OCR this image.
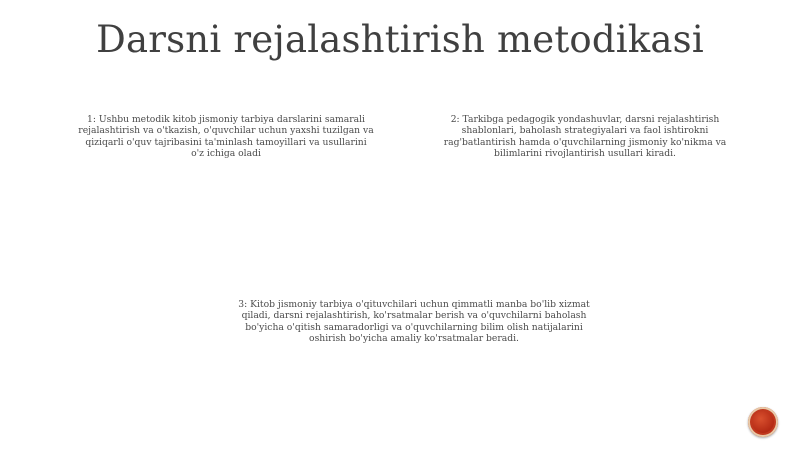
Darsni rejalashtirish metodikasi

1: Ushbu metodik kitob jismoniy tarbiya darslarini samarali rejalashtirish va o'tkazish, o'quvchilar uchun yaxshi tuzilgan va qiziqarli o'quv tajribasini ta'minlash tamoyillari va usullarini o'z ichiga oladi

2: Tarkibga pedagogik yondashuvlar, darsni rejalashtirish shablonlari, baholash strategiyalari va faol ishtirokni rag'batlantirish hamda o'quvchilarning jismoniy ko'nikma va bilimlarini rivojlantirish usullari kiradi.

3: Kitob jismoniy tarbiya o'qituvchilari uchun qimmatli manba bo'lib xizmat qiladi, darsni rejalashtirish, ko'rsatmalar berish va o'quvchilarni baholash bo'yicha o'qitish samaradorligi va o'quvchilarning bilim olish natijalarini oshirish bo'yicha amaliy ko'rsatmalar beradi.
